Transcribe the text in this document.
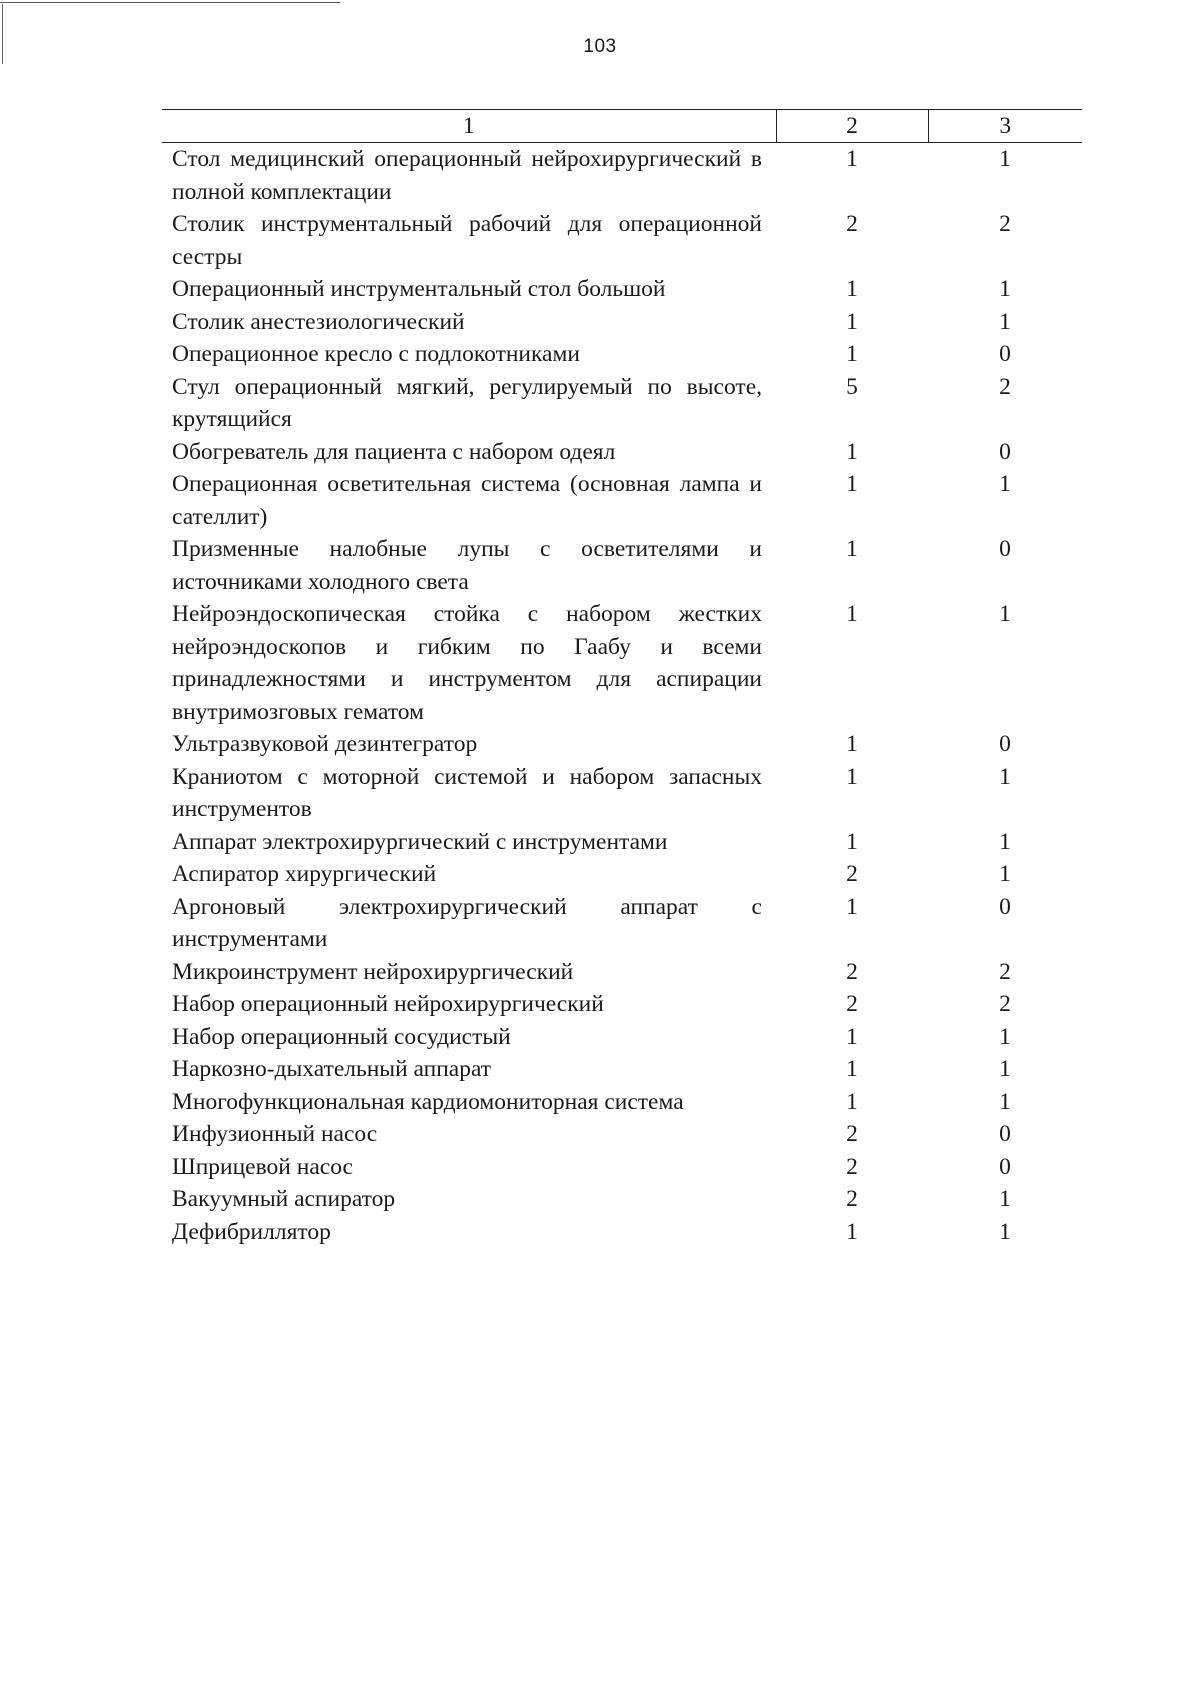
103
1	2	3
Стол медицинский операционный нейрохирургический в полной комплектации	1	1
Столик инструментальный рабочий для операционной сестры	2	2
Операционный инструментальный стол большой	1	1
Столик анестезиологический	1	1
Операционное кресло с подлокотниками	1	0
Стул операционный мягкий, регулируемый по высоте, крутящийся	5	2
Обогреватель для пациента с набором одеял	1	0
Операционная осветительная система (основная лампа и сателлит)	1	1
Призменные налобные лупы с осветителями и источниками холодного света	1	0
Нейроэндоскопическая стойка с набором жестких нейроэндоскопов и гибким по Гаабу и всеми принадлежностями и инструментом для аспирации внутримозговых гематом	1	1
Ультразвуковой дезинтегратор	1	0
Краниотом с моторной системой и набором запасных инструментов	1	1
Аппарат электрохирургический с инструментами	1	1
Аспиратор хирургический	2	1
Аргоновый электрохирургический аппарат с инструментами	1	0
Микроинструмент нейрохирургический	2	2
Набор операционный нейрохирургический	2	2
Набор операционный сосудистый	1	1
Наркозно-дыхательный аппарат	1	1
Многофункциональная кардиомониторная система	1	1
Инфузионный насос	2	0
Шприцевой насос	2	0
Вакуумный аспиратор	2	1
Дефибриллятор	1	1
